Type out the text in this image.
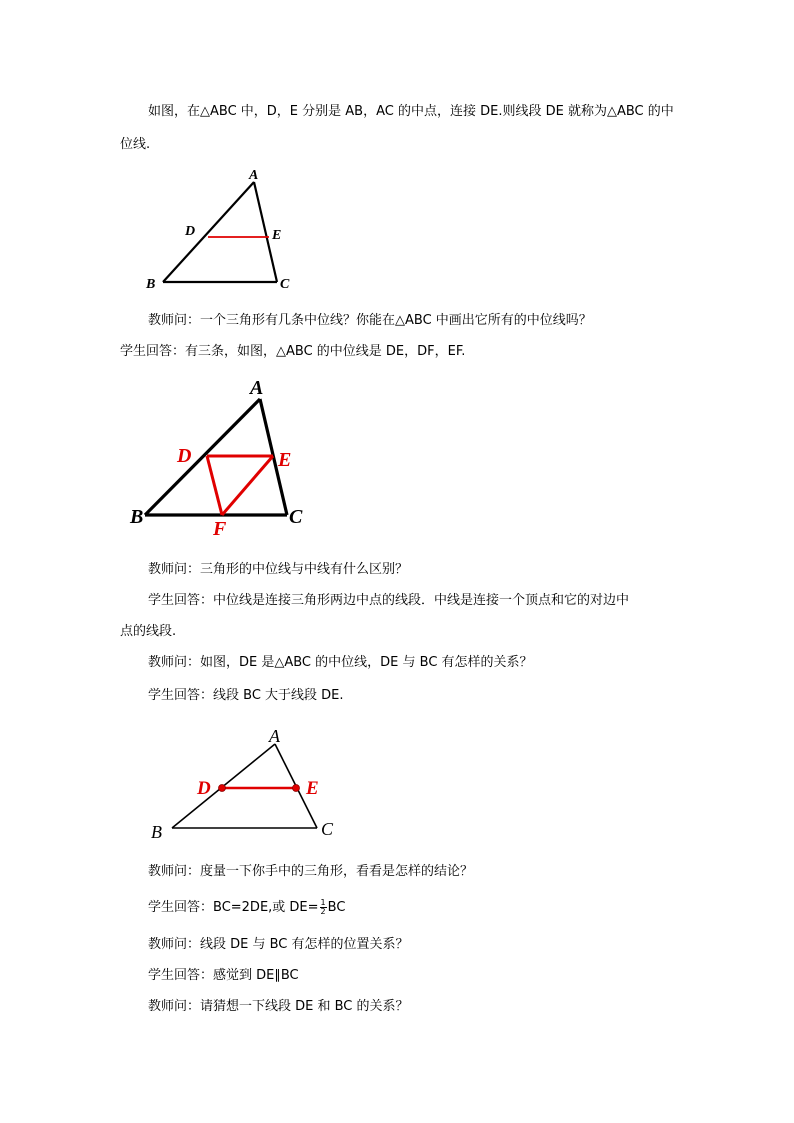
如图，在△ABC 中，D，E 分别是 AB，AC 的中点，连接 DE.则线段 DE 就称为△ABC 的中
位线.
A
D	E
B	C
教师问：一个三角形有几条中位线？你能在△ABC 中画出它所有的中位线吗？
学生回答：有三条，如图，△ABC 的中位线是 DE，DF，EF.
A
D	E
B	C
F
教师问：三角形的中位线与中线有什么区别？
学生回答：中位线是连接三角形两边中点的线段．中线是连接一个顶点和它的对边中
点的线段.
教师问：如图，DE 是△ABC 的中位线，DE 与 BC 有怎样的关系？
学生回答：线段 BC 大于线段 DE.
A
D	E
B	C
教师问：度量一下你手中的三角形，看看是怎样的结论？
学生回答：BC=2DE,或 $DE= \frac{1}{2}$ BC
教师问：线段 DE 与 BC 有怎样的位置关系？
学生回答：感觉到 DE∥BC
教师问：请猜想一下线段 DE 和 BC 的关系？
